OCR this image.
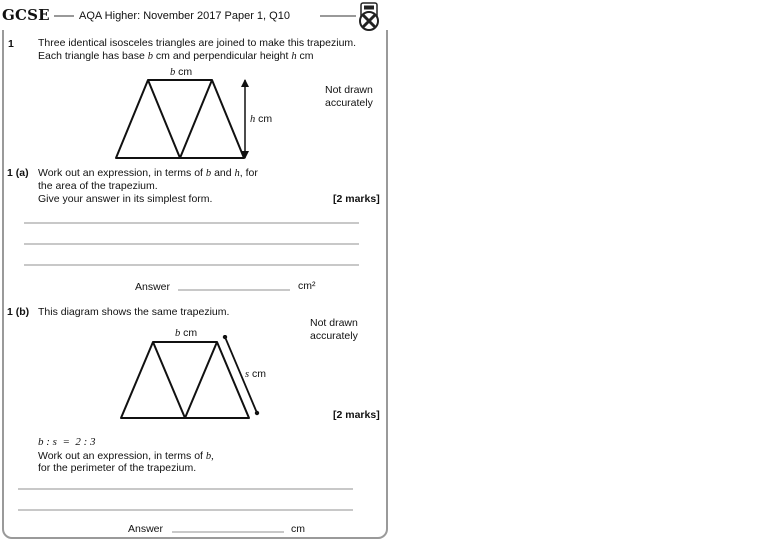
GCSE	AQA Higher: November 2017 Paper 1, Q10
1 Three identical isosceles triangles are joined to make this trapezium.
Each triangle has base b cm and perpendicular height h cm
b cm
h cm
Not drawn
accurately
1 (a) Work out an expression, in terms of b and h, for
the area of the trapezium.
Give your answer in its simplest form.	[2 marks]
Answer	cm²
1 (b) This diagram shows the same trapezium.
b cm
s cm
Not drawn
accurately
[2 marks]
b : s  =  2 : 3
Work out an expression, in terms of b,
for the perimeter of the trapezium.
Answer	cm
